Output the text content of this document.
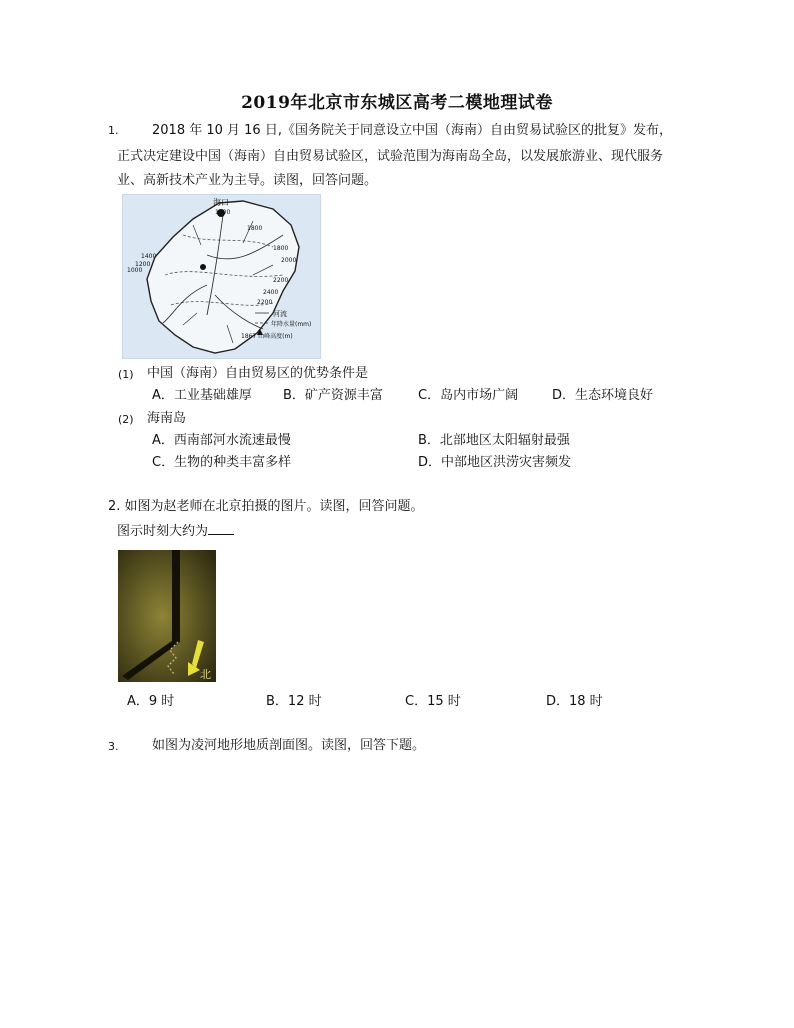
2019年北京市东城区高考二模地理试卷
1.	2018 年 10 月 16 日,《国务院关于同意设立中国（海南）自由贸易试验区的批复》发布，
正式决定建设中国（海南）自由贸易试验区，试验范围为海南岛全岛，以发展旅游业、现代服务
业、高新技术产业为主导。读图，回答问题。
海口
1600
1800
1400
1200
1000
1800
2000
2200
2400
2200
河流
年降水量(mm)
1867 山峰高度(m)
(1) 中国（海南）自由贸易区的优势条件是
A．工业基础雄厚 B．矿产资源丰富	C．岛内市场广阔	D．生态环境良好
(2) 海南岛
A．西南部河水流速最慢	B．北部地区太阳辐射最强
C．生物的种类丰富多样	D．中部地区洪涝灾害频发
2. 如图为赵老师在北京拍摄的图片。读图，回答问题。
图示时刻大约为
北
A．9 时	B．12 时	C．15 时	D．18 时
3.	如图为凌河地形地质剖面图。读图，回答下题。
